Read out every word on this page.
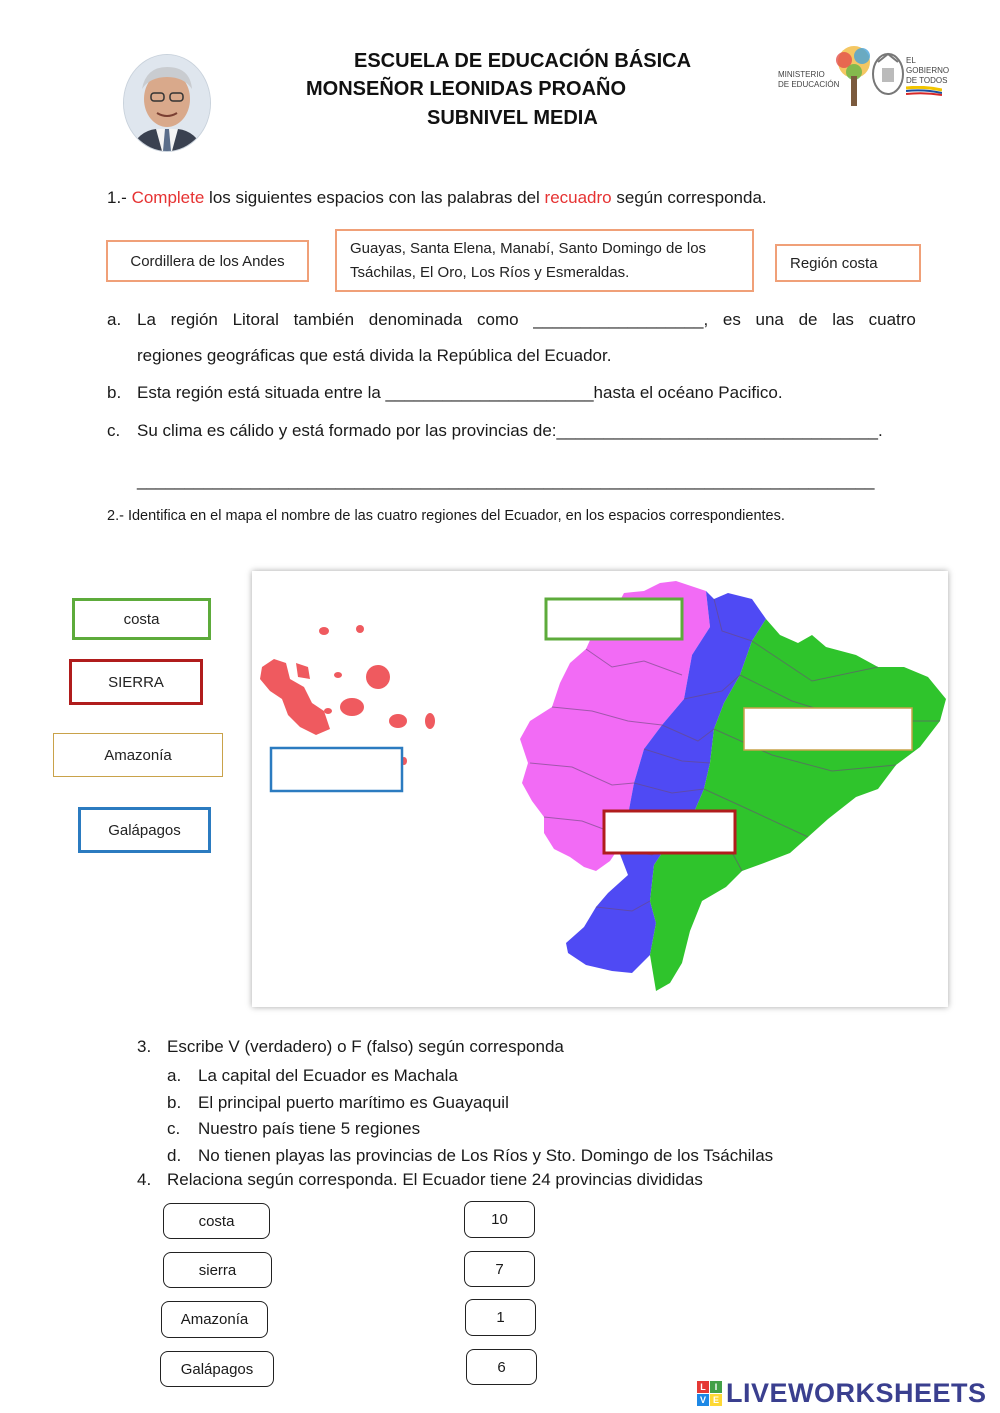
ESCUELA DE EDUCACIÓN BÁSICA
MONSEÑOR LEONIDAS PROAÑO
SUBNIVEL MEDIA
MINISTERIO
DE EDUCACIÓN
EL
GOBIERNO
DE TODOS
1.- Complete los siguientes espacios con las palabras del recuadro según corresponda.
Cordillera de los Andes
Guayas, Santa Elena, Manabí, Santo Domingo de los
Tsáchilas, El Oro, Los Ríos y Esmeraldas.
Región costa
a. La región Litoral también denominada como __________________, es una de las cuatro
regiones geográficas que está divida la República del Ecuador.
b. Esta región está situada entre la ______________________hasta el océano Pacifico.
c. Su clima es cálido y está formado por las provincias de:__________________________________.
______________________________________________________________________________
2.- Identifica en el mapa el nombre de las cuatro regiones del Ecuador, en los espacios correspondientes.
costa
SIERRA
Amazonía
Galápagos
3. Escribe V (verdadero) o F (falso) según corresponda
a. La capital del Ecuador es Machala
b. El principal puerto marítimo es Guayaquil
c. Nuestro país tiene 5 regiones
d. No tienen playas las provincias de Los Ríos y Sto. Domingo de los Tsáchilas
4. Relaciona según corresponda. El Ecuador tiene 24 provincias divididas
costa
sierra
Amazonía
Galápagos
10
7
1
6
L I
V E LIVEWORKSHEETS
